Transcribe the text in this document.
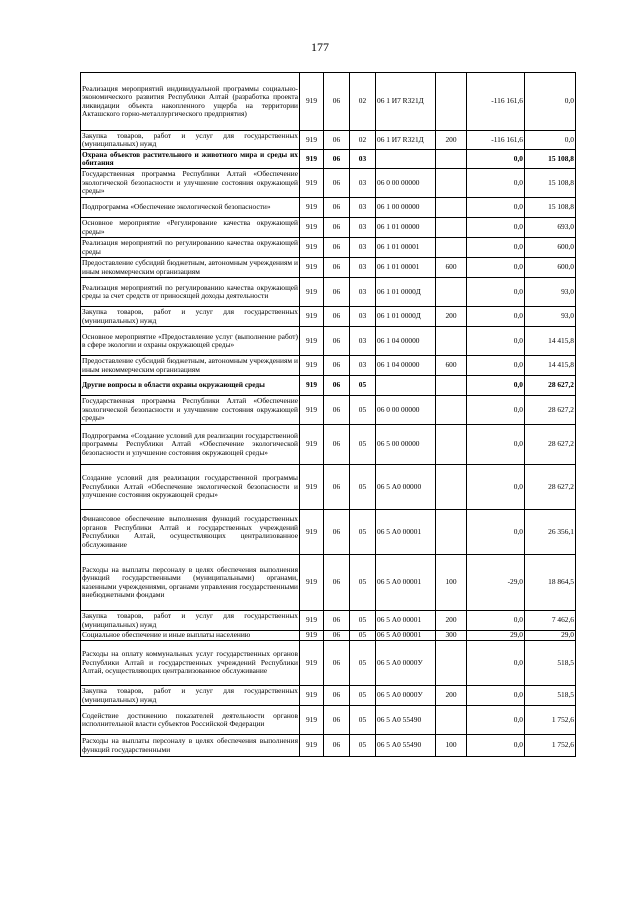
177
Реализация мероприятий индивидуальной программы социально-экономического развития Республики Алтай (разработка проекта ликвидации объекта накопленного ущерба на территории Акташского горно-металлургического предприятия)	919	06	02	06 1 И7 R321Д		-116 161,6	0,0
Закупка товаров, работ и услуг для государственных (муниципальных) нужд	919	06	02	06 1 И7 R321Д	200	-116 161,6	0,0
Охрана объектов растительного и животного мира и среды их обитания	919	06	03			0,0	15 108,8
Государственная программа Республики Алтай «Обеспечение экологической безопасности и улучшение состояния окружающей среды»	919	06	03	06 0 00 00000		0,0	15 108,8
Подпрограмма «Обеспечение экологической безопасности»	919	06	03	06 1 00 00000		0,0	15 108,8
Основное мероприятие «Регулирование качества окружающей среды»	919	06	03	06 1 01 00000		0,0	693,0
Реализация мероприятий по регулированию качества окружающей среды	919	06	03	06 1 01 00001		0,0	600,0
Предоставление субсидий бюджетным, автономным учреждениям и иным некоммерческим организациям	919	06	03	06 1 01 00001	600	0,0	600,0
Реализация мероприятий по регулированию качества окружающей среды за счет средств от приносящей доходы деятельности	919	06	03	06 1 01 0000Д		0,0	93,0
Закупка товаров, работ и услуг для государственных (муниципальных) нужд	919	06	03	06 1 01 0000Д	200	0,0	93,0
Основное мероприятие «Предоставление услуг (выполнение работ) в сфере экологии и охраны окружающей среды»	919	06	03	06 1 04 00000		0,0	14 415,8
Предоставление субсидий бюджетным, автономным учреждениям и иным некоммерческим организациям	919	06	03	06 1 04 00000	600	0,0	14 415,8
Другие вопросы в области охраны окружающей среды	919	06	05			0,0	28 627,2
Государственная программа Республики Алтай «Обеспечение экологической безопасности и улучшение состояния окружающей среды»	919	06	05	06 0 00 00000		0,0	28 627,2
Подпрограмма «Создание условий для реализации государственной программы Республики Алтай «Обеспечение экологической безопасности и улучшение состояния окружающей среды»	919	06	05	06 5 00 00000		0,0	28 627,2
Создание условий для реализации государственной программы Республики Алтай «Обеспечение экологической безопасности и улучшение состояния окружающей среды»	919	06	05	06 5 А0 00000		0,0	28 627,2
Финансовое обеспечение выполнения функций государственных органов Республики Алтай и государственных учреждений Республики Алтай, осуществляющих централизованное обслуживание	919	06	05	06 5 А0 00001		0,0	26 356,1
Расходы на выплаты персоналу в целях обеспечения выполнения функций государственными (муниципальными) органами, казенными учреждениями, органами управления государственными внебюджетными фондами	919	06	05	06 5 А0 00001	100	-29,0	18 864,5
Закупка товаров, работ и услуг для государственных (муниципальных) нужд	919	06	05	06 5 А0 00001	200	0,0	7 462,6
Социальное обеспечение и иные выплаты населению	919	06	05	06 5 А0 00001	300	29,0	29,0
Расходы на оплату коммунальных услуг государственных органов Республики Алтай и государственных учреждений Республики Алтай, осуществляющих централизованное обслуживание	919	06	05	06 5 А0 0000У		0,0	518,5
Закупка товаров, работ и услуг для государственных (муниципальных) нужд	919	06	05	06 5 А0 0000У	200	0,0	518,5
Содействие достижению показателей деятельности органов исполнительной власти субъектов Российской Федерации	919	06	05	06 5 А0 55490		0,0	1 752,6
Расходы на выплаты персоналу в целях обеспечения выполнения функций государственными	919	06	05	06 5 А0 55490	100	0,0	1 752,6
